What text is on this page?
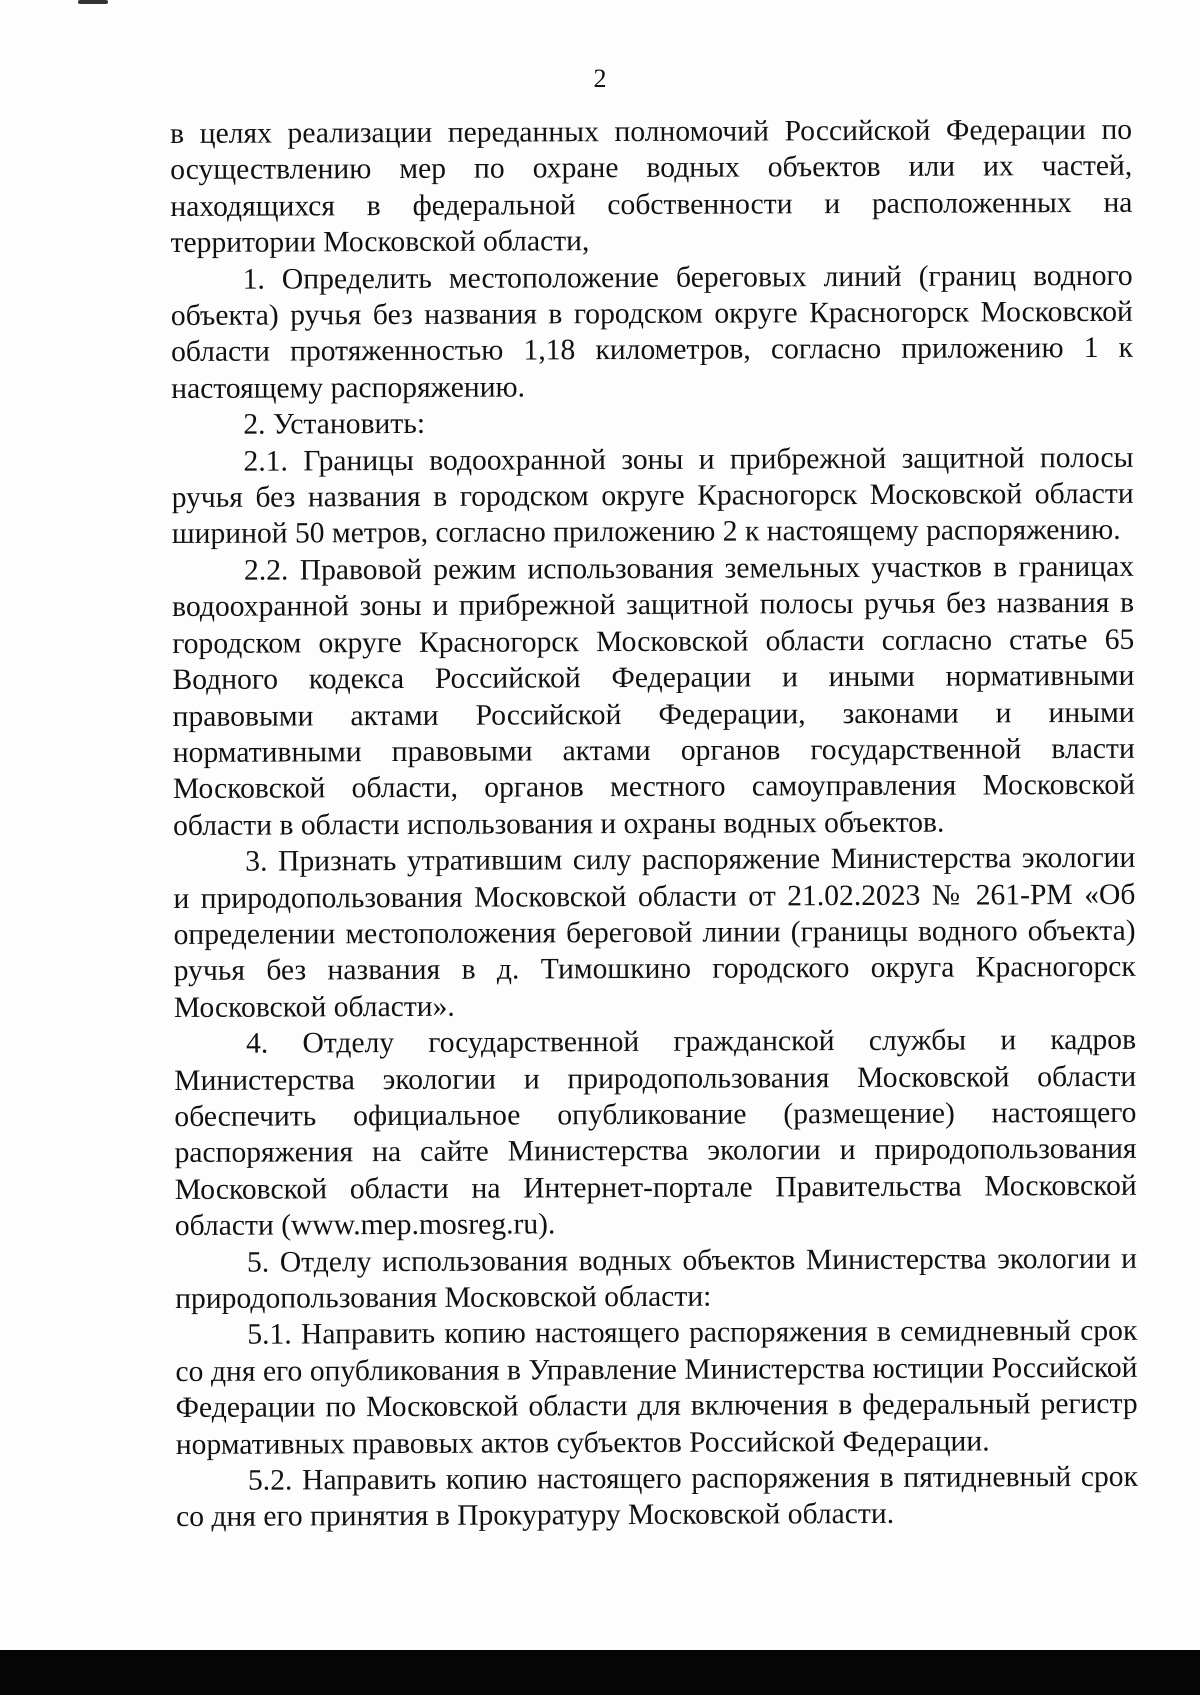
2

в целях реализации переданных полномочий Российской Федерации по осуществлению мер по охране водных объектов или их частей, находящихся в федеральной собственности и расположенных на территории Московской области,

1. Определить местоположение береговых линий (границ водного объекта) ручья без названия в городском округе Красногорск Московской области протяженностью 1,18 километров, согласно приложению 1 к настоящему распоряжению.

2. Установить:

2.1. Границы водоохранной зоны и прибрежной защитной полосы ручья без названия в городском округе Красногорск Московской области шириной 50 метров, согласно приложению 2 к настоящему распоряжению.

2.2. Правовой режим использования земельных участков в границах водоохранной зоны и прибрежной защитной полосы ручья без названия в городском округе Красногорск Московской области согласно статье 65 Водного кодекса Российской Федерации и иными нормативными правовыми актами Российской Федерации, законами и иными нормативными правовыми актами органов государственной власти Московской области, органов местного самоуправления Московской области в области использования и охраны водных объектов.

3. Признать утратившим силу распоряжение Министерства экологии и природопользования Московской области от 21.02.2023 № 261-РМ «Об определении местоположения береговой линии (границы водного объекта) ручья без названия в д. Тимошкино городского округа Красногорск Московской области».

4. Отделу государственной гражданской службы и кадров Министерства экологии и природопользования Московской области обеспечить официальное опубликование (размещение) настоящего распоряжения на сайте Министерства экологии и природопользования Московской области на Интернет-портале Правительства Московской области (www.mep.mosreg.ru).

5. Отделу использования водных объектов Министерства экологии и природопользования Московской области:

5.1. Направить копию настоящего распоряжения в семидневный срок со дня его опубликования в Управление Министерства юстиции Российской Федерации по Московской области для включения в федеральный регистр нормативных правовых актов субъектов Российской Федерации.

5.2. Направить копию настоящего распоряжения в пятидневный срок со дня его принятия в Прокуратуру Московской области.
